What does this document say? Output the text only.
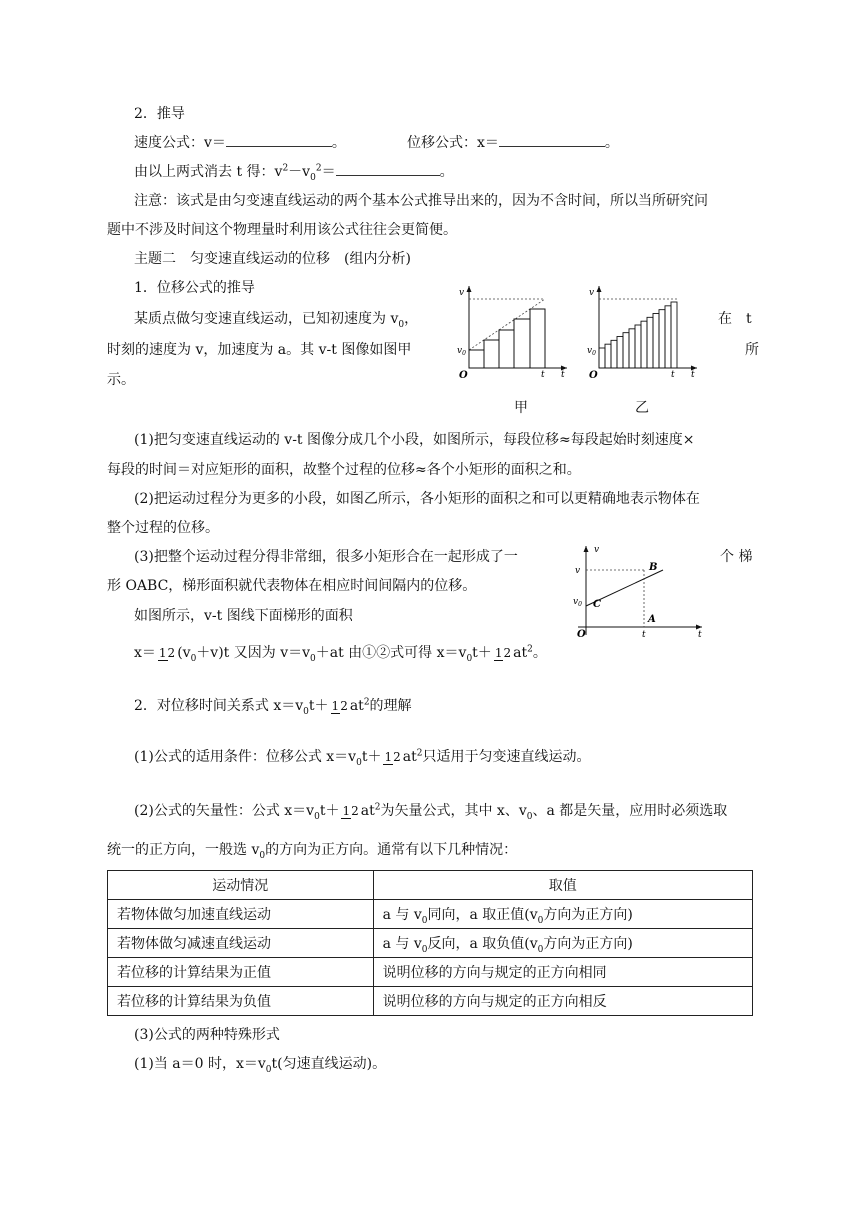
2．推导
速度公式：v＝	。	位移公式：x＝	。
由以上两式消去 t 得：$v^2-v_0^2=$	。
注意：该式是由匀变速直线运动的两个基本公式推导出来的，因为不含时间，所以当所研究问
题中不涉及时间这个物理量时利用该公式往往会更简便。
主题二　匀变速直线运动的位移　(组内分析)
1．位移公式的推导
某质点做匀变速直线运动，已知初速度为 $v_0$，	在　t
时刻的速度为 v，加速度为 a。其 v-t 图像如图甲	所
示。
v
$v_0$
O	t t
v
$v_0$
O	t t
甲	乙
(1)把匀变速直线运动的 v-t 图像分成几个小段，如图所示，每段位移≈每段起始时刻速度×
每段的时间＝对应矩形的面积，故整个过程的位移≈各个小矩形的面积之和。
(2)把运动过程分为更多的小段，如图乙所示，各小矩形的面积之和可以更精确地表示物体在
整个过程的位移。
(3)把整个运动过程分得非常细，很多小矩形合在一起形成了一	个 梯
形 OABC，梯形面积就代表物体在相应时间间隔内的位移。
如图所示，v-t 图线下面梯形的面积
v
v
$v_0$
B
C
A
O	t	t
x＝ 12 $(v_0+v)t$ 又因为 $v=v_0+at$ 由①②式可得 $x=v_0t+ 12$ $at^2$。
2．对位移时间关系式 $x=v_0t+ 12$ $at^2$的理解
(1)公式的适用条件：位移公式 $x=v_0t+ 12$ $at^2$只适用于匀变速直线运动。
(2)公式的矢量性：公式 $x=v_0t+ 12$ $at^2$为矢量公式，其中 x、$v_0$、a 都是矢量，应用时必须选取
统一的正方向，一般选 $v_0$的方向为正方向。通常有以下几种情况：
运动情况	取值
若物体做匀加速直线运动	a 与 $v_0$同向，a 取正值($v_0$方向为正方向)
若物体做匀减速直线运动	a 与 $v_0$反向，a 取负值($v_0$方向为正方向)
若位移的计算结果为正值	说明位移的方向与规定的正方向相同
若位移的计算结果为负值	说明位移的方向与规定的正方向相反
(3)公式的两种特殊形式
(1)当 a＝0 时，$x=v_0t$(匀速直线运动)。
